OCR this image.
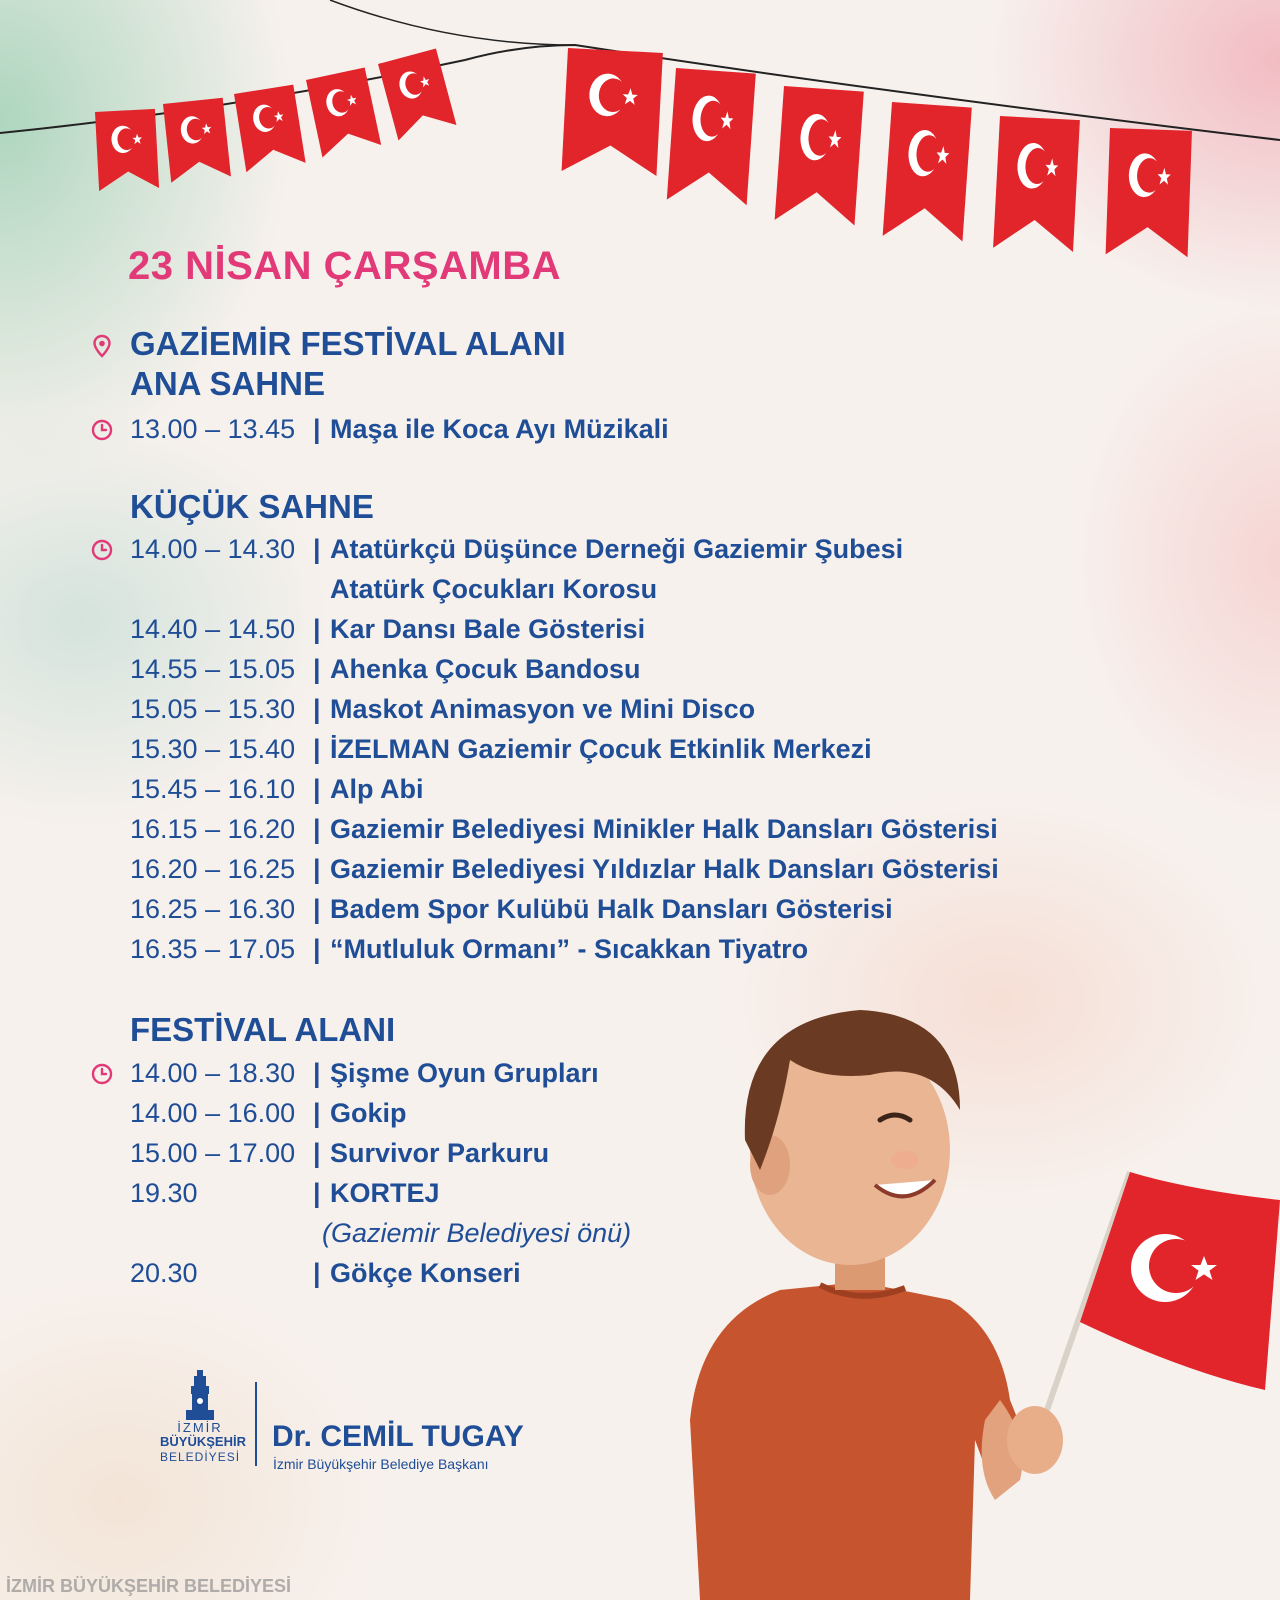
23 NİSAN ÇARŞAMBA
GAZİEMİR FESTİVAL ALANI
ANA SAHNE
13.00 – 13.45 | Maşa ile Koca Ayı Müzikali
KÜÇÜK SAHNE
14.00 – 14.30 | Atatürkçü Düşünce Derneği Gaziemir Şubesi
Atatürk Çocukları Korosu
14.40 – 14.50 | Kar Dansı Bale Gösterisi
14.55 – 15.05 | Ahenka Çocuk Bandosu
15.05 – 15.30 | Maskot Animasyon ve Mini Disco
15.30 – 15.40 | İZELMAN Gaziemir Çocuk Etkinlik Merkezi
15.45 – 16.10 | Alp Abi
16.15 – 16.20 | Gaziemir Belediyesi Minikler Halk Dansları Gösterisi
16.20 – 16.25 | Gaziemir Belediyesi Yıldızlar Halk Dansları Gösterisi
16.25 – 16.30 | Badem Spor Kulübü Halk Dansları Gösterisi
16.35 – 17.05 | “Mutluluk Ormanı” - Sıcakkan Tiyatro
FESTİVAL ALANI
14.00 – 18.30 | Şişme Oyun Grupları
14.00 – 16.00 | Gokip
15.00 – 17.00 | Survivor Parkuru
19.30	| KORTEJ
(Gaziemir Belediyesi önü)
20.30	| Gökçe Konseri
İZMİR
BÜYÜKŞEHİR
BELEDİYESİ
Dr. CEMİL TUGAY
İzmir Büyükşehir Belediye Başkanı
İZMİR BÜYÜKŞEHİR BELEDİYESİ
